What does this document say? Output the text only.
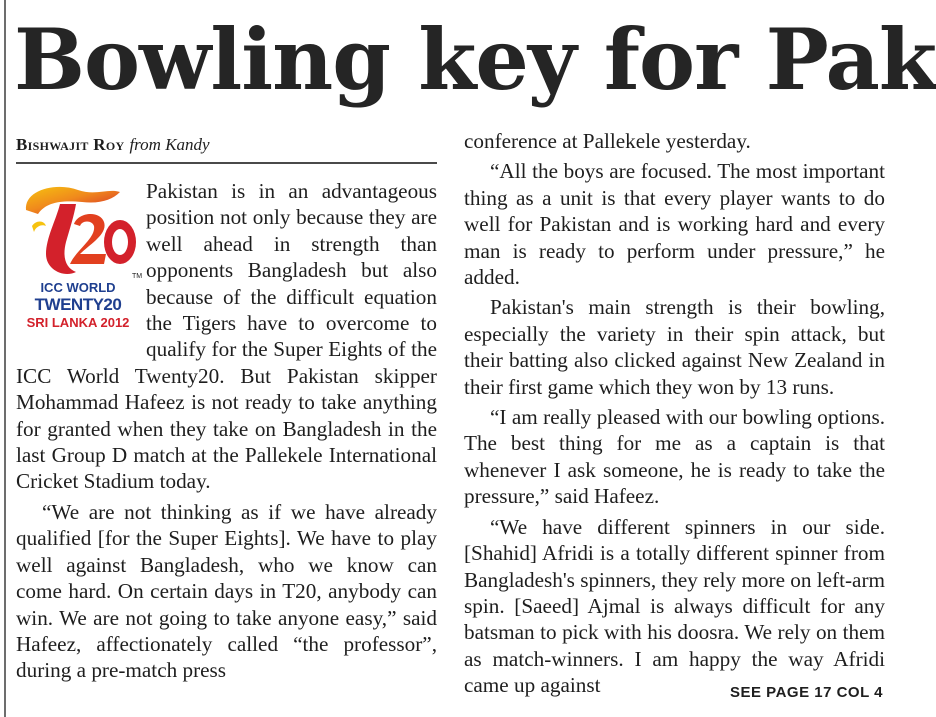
Bowling key for Pak
Bishwajit Roy from Kandy
TM
ICC WORLD
TWENTY20
SRI LANKA 2012

Pakistan is in an advantageous position not only because they are well ahead in strength than opponents Bangladesh but also because of the difficult equation the Tigers have to overcome to qualify for the Super Eights of the ICC World Twenty20. But Pakistan skipper Mohammad Hafeez is not ready to take anything for granted when they take on Bangladesh in the last Group D match at the Pallekele International Cricket Stadium today.

“We are not thinking as if we have already qualified [for the Super Eights]. We have to play well against Bangladesh, who we know can come hard. On certain days in T20, anybody can win. We are not going to take anyone easy,” said Hafeez, affectionately called “the professor”, during a pre-match press

conference at Pallekele yesterday.

“All the boys are focused. The most important thing as a unit is that every player wants to do well for Pakistan and is working hard and every man is ready to perform under pressure,” he added.

Pakistan's main strength is their bowling, especially the variety in their spin attack, but their batting also clicked against New Zealand in their first game which they won by 13 runs.

“I am really pleased with our bowling options. The best thing for me as a captain is that whenever I ask someone, he is ready to take the pressure,” said Hafeez.

“We have different spinners in our side. [Shahid] Afridi is a totally different spinner from Bangladesh's spinners, they rely more on left-arm spin. [Saeed] Ajmal is always difficult for any batsman to pick with his doosra. We rely on them as match-winners. I am happy the way Afridi came up against	SEE PAGE 17 COL 4
